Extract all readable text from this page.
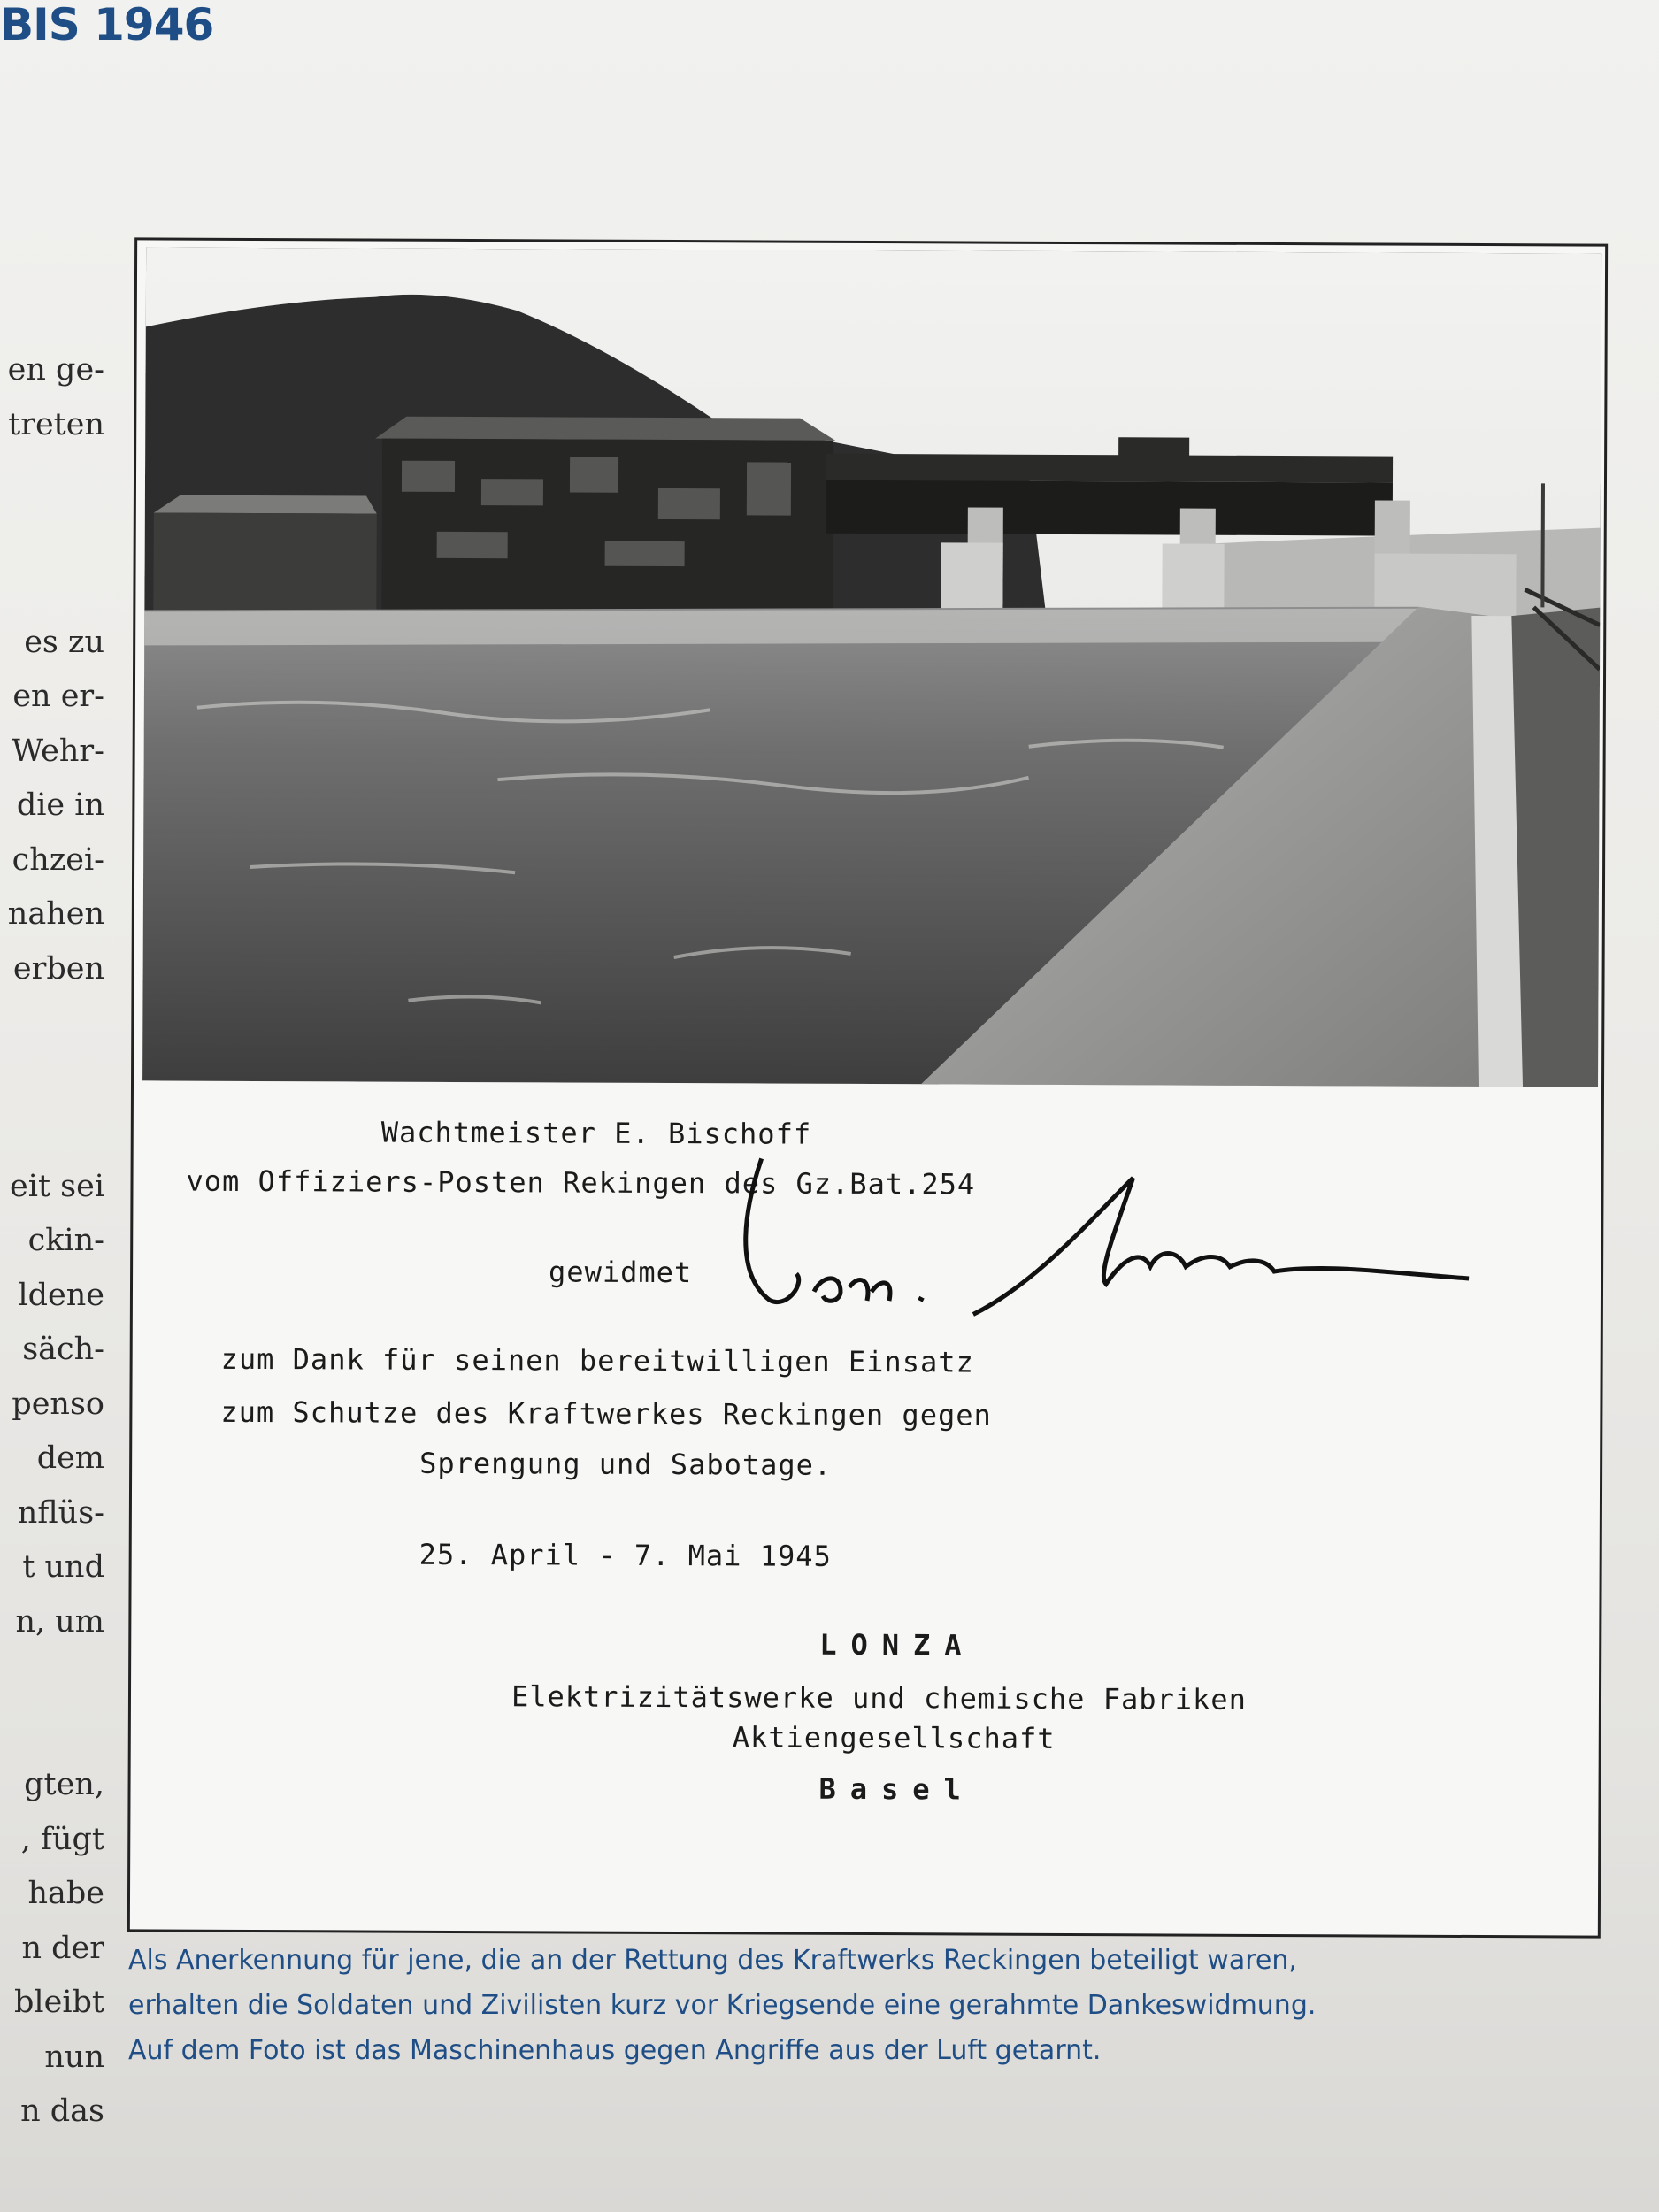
BIS 1946
en ge-
treten
es zu
en er-
Wehr-
die in
chzei-
nahen
erben
eit sei
ckin-
ldene
säch-
penso
dem
nflüs-
t und
n, um
gten,
, fügt
habe
n der
bleibt
nun
n das
Wachtmeister E. Bischoff
vom Offiziers-Posten Rekingen des Gz.Bat.254
gewidmet
zum Dank für seinen bereitwilligen Einsatz
zum Schutze des Kraftwerkes Reckingen gegen
Sprengung und Sabotage.
25. April - 7. Mai 1945
LONZA
Elektrizitätswerke und chemische Fabriken
Aktiengesellschaft
Basel
Als Anerkennung für jene, die an der Rettung des Kraftwerks Reckingen beteiligt waren,
erhalten die Soldaten und Zivilisten kurz vor Kriegsende eine gerahmte Dankeswidmung.
Auf dem Foto ist das Maschinenhaus gegen Angriffe aus der Luft getarnt.
